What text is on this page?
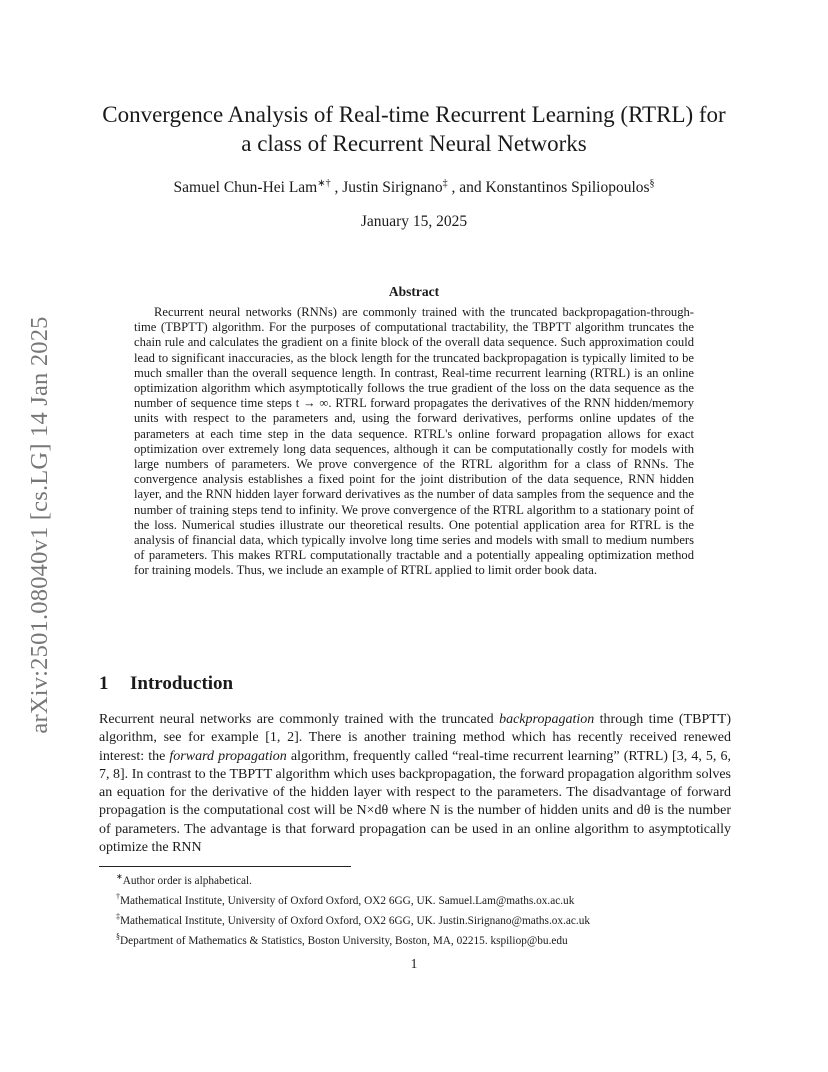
arXiv:2501.08040v1 [cs.LG] 14 Jan 2025
Convergence Analysis of Real-time Recurrent Learning (RTRL) for a class of Recurrent Neural Networks
Samuel Chun-Hei Lam∗† , Justin Sirignano‡ , and Konstantinos Spiliopoulos§
January 15, 2025
Abstract

Recurrent neural networks (RNNs) are commonly trained with the truncated backpropagation-through-time (TBPTT) algorithm. For the purposes of computational tractability, the TBPTT algorithm truncates the chain rule and calculates the gradient on a finite block of the overall data sequence. Such approximation could lead to significant inaccuracies, as the block length for the truncated backpropagation is typically limited to be much smaller than the overall sequence length. In contrast, Real-time recurrent learning (RTRL) is an online optimization algorithm which asymptotically follows the true gradient of the loss on the data sequence as the number of sequence time steps t → ∞. RTRL forward propagates the derivatives of the RNN hidden/memory units with respect to the parameters and, using the forward derivatives, performs online updates of the parameters at each time step in the data sequence. RTRL's online forward propagation allows for exact optimization over extremely long data sequences, although it can be computationally costly for models with large numbers of parameters. We prove convergence of the RTRL algorithm for a class of RNNs. The convergence analysis establishes a fixed point for the joint distribution of the data sequence, RNN hidden layer, and the RNN hidden layer forward derivatives as the number of data samples from the sequence and the number of training steps tend to infinity. We prove convergence of the RTRL algorithm to a stationary point of the loss. Numerical studies illustrate our theoretical results. One potential application area for RTRL is the analysis of financial data, which typically involve long time series and models with small to medium numbers of parameters. This makes RTRL computationally tractable and a potentially appealing optimization method for training models. Thus, we include an example of RTRL applied to limit order book data.

1 Introduction

Recurrent neural networks are commonly trained with the truncated backpropagation through time (TBPTT) algorithm, see for example [1, 2]. There is another training method which has recently received renewed interest: the forward propagation algorithm, frequently called “real-time recurrent learning” (RTRL) [3, 4, 5, 6, 7, 8]. In contrast to the TBPTT algorithm which uses backpropagation, the forward propagation algorithm solves an equation for the derivative of the hidden layer with respect to the parameters. The disadvantage of forward propagation is the computational cost will be N×dθ where N is the number of hidden units and dθ is the number of parameters. The advantage is that forward propagation can be used in an online algorithm to asymptotically optimize the RNN

∗Author order is alphabetical.
†Mathematical Institute, University of Oxford Oxford, OX2 6GG, UK. Samuel.Lam@maths.ox.ac.uk
‡Mathematical Institute, University of Oxford Oxford, OX2 6GG, UK. Justin.Sirignano@maths.ox.ac.uk
§Department of Mathematics & Statistics, Boston University, Boston, MA, 02215. kspiliop@bu.edu
1
